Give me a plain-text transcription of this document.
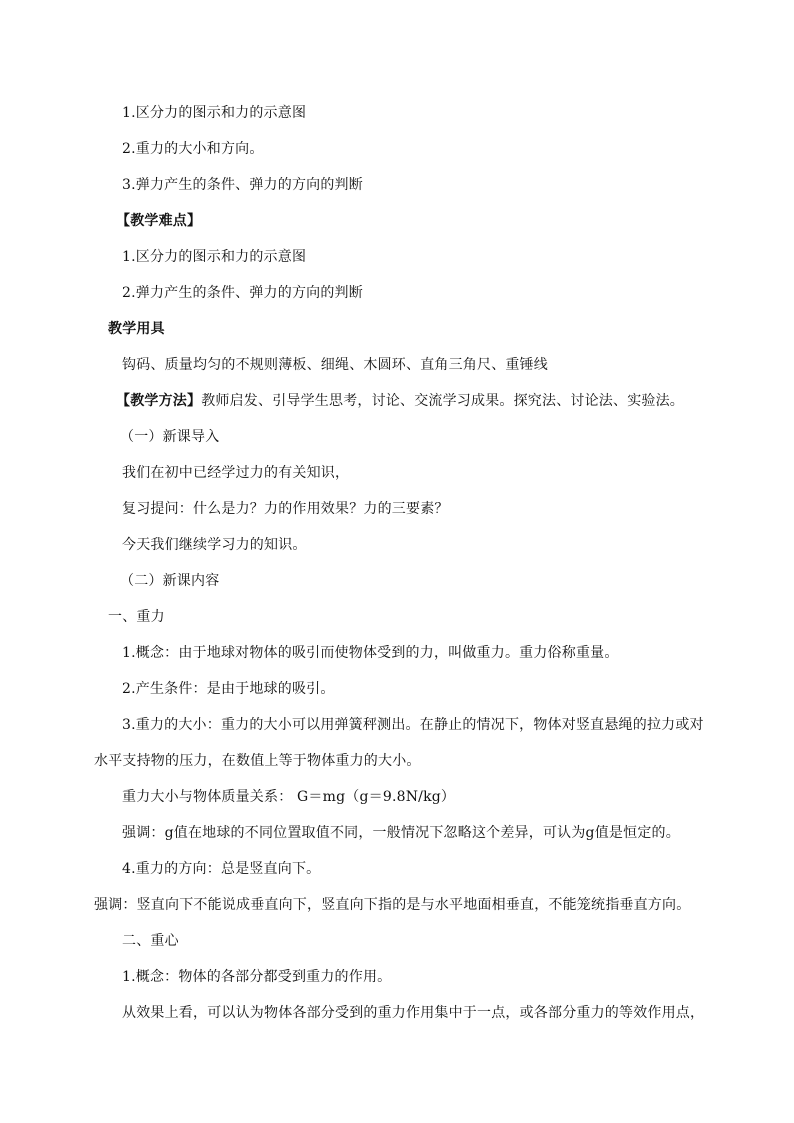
1.区分力的图示和力的示意图
2.重力的大小和方向。
3.弹力产生的条件、弹力的方向的判断
【教学难点】
1.区分力的图示和力的示意图
2.弹力产生的条件、弹力的方向的判断
教学用具
钩码、质量均匀的不规则薄板、细绳、木圆环、直角三角尺、重锤线
【教学方法】教师启发、引导学生思考，讨论、交流学习成果。探究法、讨论法、实验法。
（一）新课导入
我们在初中已经学过力的有关知识，
复习提问：什么是力？力的作用效果？力的三要素？
今天我们继续学习力的知识。
（二）新课内容
一、重力
1.概念：由于地球对物体的吸引而使物体受到的力，叫做重力。重力俗称重量。
2.产生条件：是由于地球的吸引。
3.重力的大小：重力的大小可以用弹簧秤测出。在静止的情况下，物体对竖直悬绳的拉力或对
水平支持物的压力，在数值上等于物体重力的大小。
重力大小与物体质量关系： G＝mg（g＝9.8N/kg）
强调：g值在地球的不同位置取值不同，一般情况下忽略这个差异，可认为g值是恒定的。
4.重力的方向：总是竖直向下。
强调：竖直向下不能说成垂直向下，竖直向下指的是与水平地面相垂直，不能笼统指垂直方向。
二、重心
1.概念：物体的各部分都受到重力的作用。
从效果上看，可以认为物体各部分受到的重力作用集中于一点，或各部分重力的等效作用点，
